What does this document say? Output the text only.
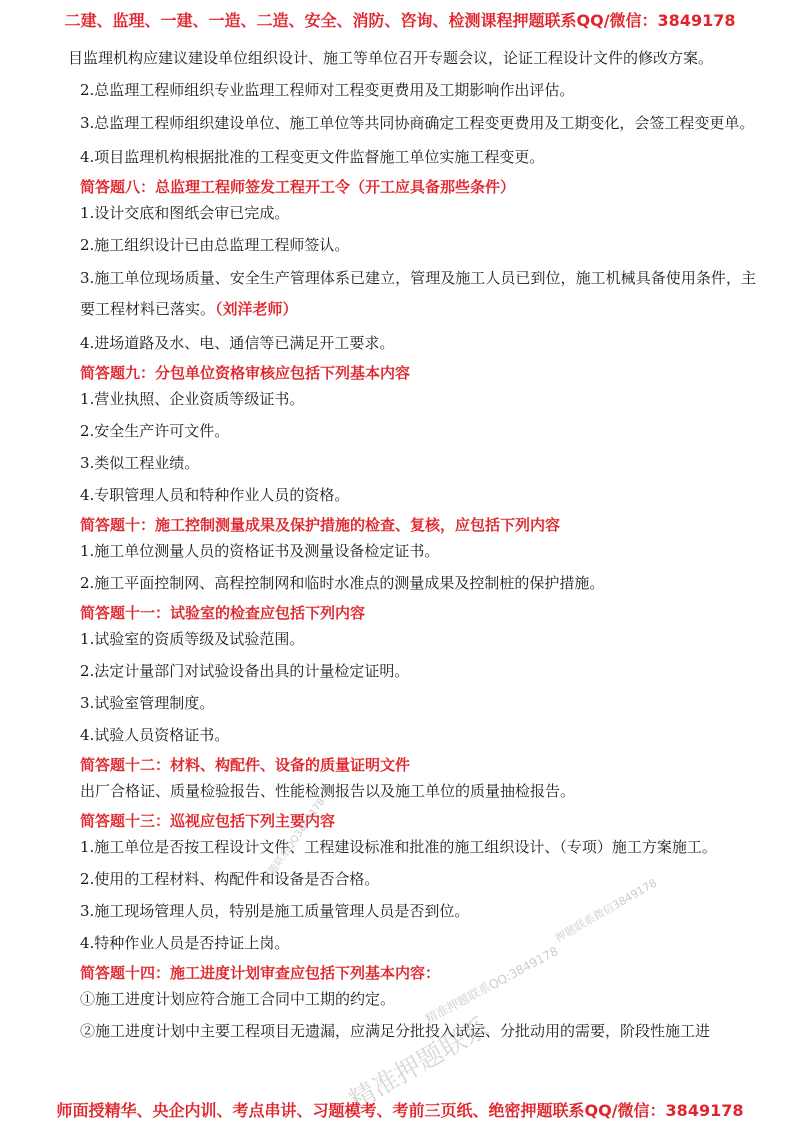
二建、监理、一建、一造、二造、安全、消防、咨询、检测课程押题联系QQ/微信：3849178

目监理机构应建议建设单位组织设计、施工等单位召开专题会议，论证工程设计文件的修改方案。

2.总监理工程师组织专业监理工程师对工程变更费用及工期影响作出评估。

3.总监理工程师组织建设单位、施工单位等共同协商确定工程变更费用及工期变化，会签工程变更单。

4.项目监理机构根据批准的工程变更文件监督施工单位实施工程变更。

简答题八：总监理工程师签发工程开工令（开工应具备那些条件）

1.设计交底和图纸会审已完成。

2.施工组织设计已由总监理工程师签认。

3.施工单位现场质量、安全生产管理体系已建立，管理及施工人员已到位，施工机械具备使用条件，主要工程材料已落实。（刘洋老师）

4.进场道路及水、电、通信等已满足开工要求。

简答题九：分包单位资格审核应包括下列基本内容

1.营业执照、企业资质等级证书。

2.安全生产许可文件。

3.类似工程业绩。

4.专职管理人员和特种作业人员的资格。

简答题十：施工控制测量成果及保护措施的检查、复核，应包括下列内容

1.施工单位测量人员的资格证书及测量设备检定证书。

2.施工平面控制网、高程控制网和临时水准点的测量成果及控制桩的保护措施。

简答题十一：试验室的检查应包括下列内容

1.试验室的资质等级及试验范围。

2.法定计量部门对试验设备出具的计量检定证明。

3.试验室管理制度。

4.试验人员资格证书。

简答题十二：材料、构配件、设备的质量证明文件

出厂合格证、质量检验报告、性能检测报告以及施工单位的质量抽检报告。

简答题十三：巡视应包括下列主要内容

1.施工单位是否按工程设计文件、工程建设标准和批准的施工组织设计、（专项）施工方案施工。

2.使用的工程材料、构配件和设备是否合格。

3.施工现场管理人员，特别是施工质量管理人员是否到位。

4.特种作业人员是否持证上岗。

简答题十四：施工进度计划审查应包括下列基本内容：

①施工进度计划应符合施工合同中工期的约定。

②施工进度计划中主要工程项目无遗漏，应满足分批投入试运、分批动用的需要，阶段性施工进

押题联系QQ3849178
精准押题联系QQ:3849178
押题联系微信3849178
精准押题联系
师面授精华、央企内训、考点串讲、习题模考、考前三页纸、绝密押题联系QQ/微信：3849178
